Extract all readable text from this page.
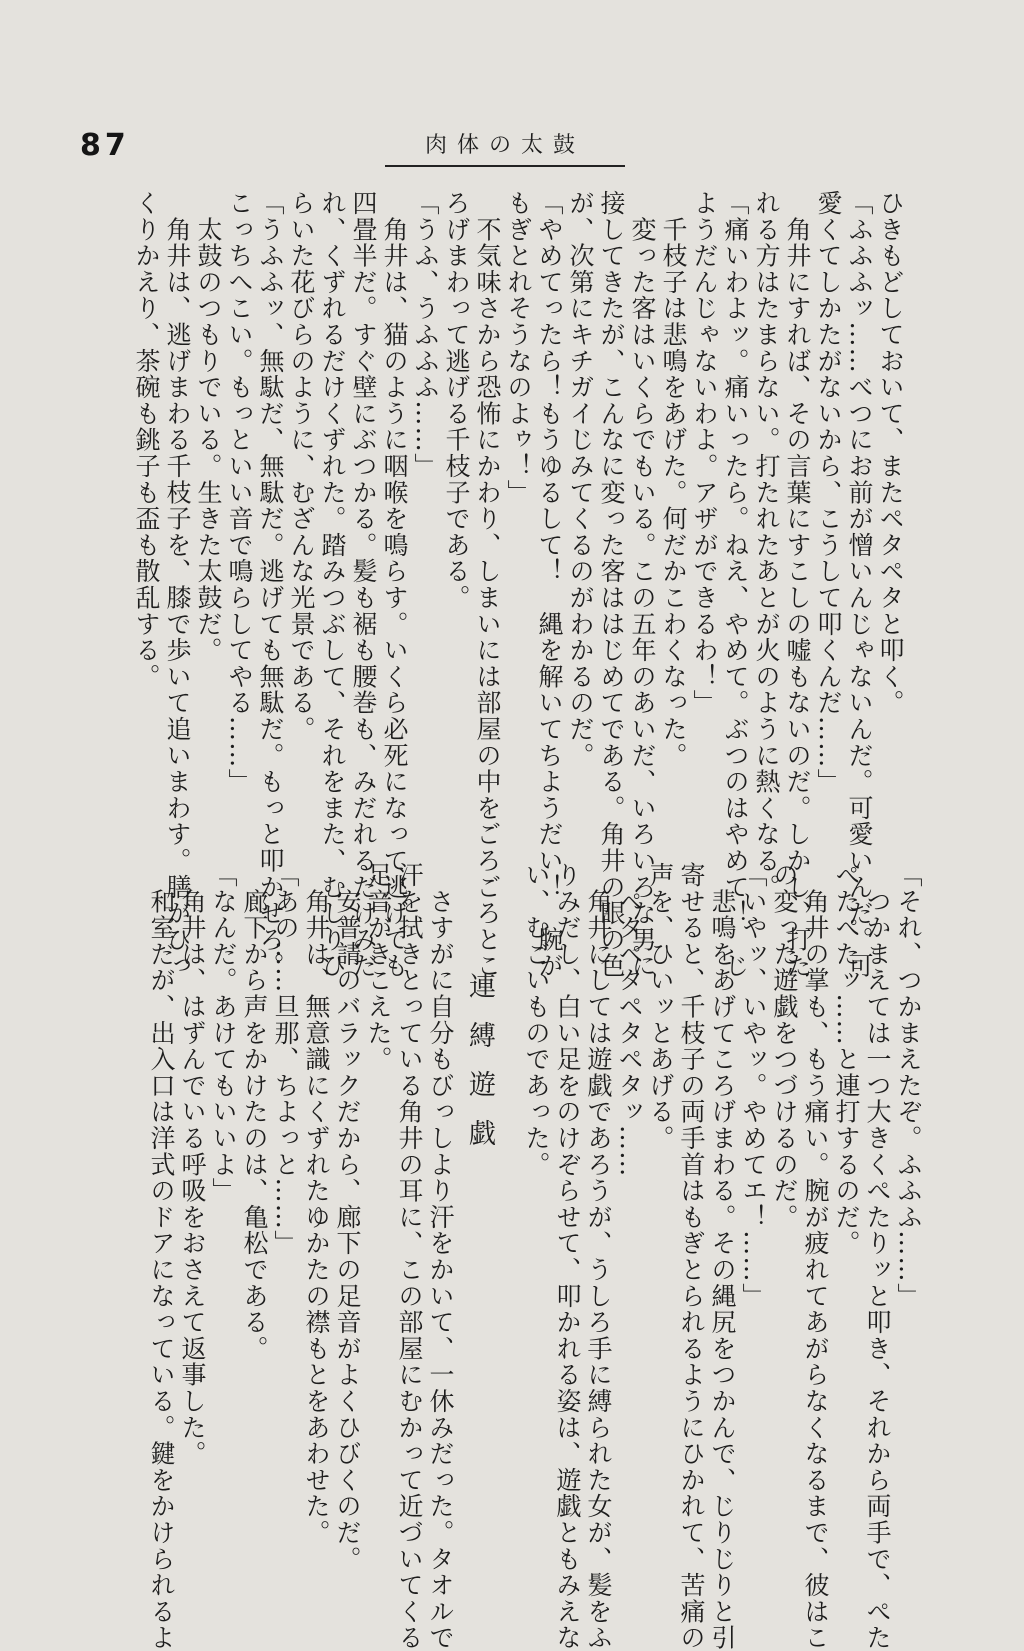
87	肉体の太鼓

ひきもどしておいて、またペタペタと叩く。

「ふふふッ……べつにお前が憎いんじゃないんだ。可愛いんだ。可

愛くてしかたがないから、こうして叩くんだ……」

　角井にすれば、その言葉にすこしの嘘もないのだ。しかし、打た

れる方はたまらない。打たれたあとが火のように熱くなる。

「痛いわよッ。痛いったら。ねえ、やめて。ぶつのはやめて！　じ

ようだんじゃないわよ。アザができるわ！」

　千枝子は悲鳴をあげた。何だかこわくなった。

　変った客はいくらでもいる。この五年のあいだ、いろいろな男に

接してきたが、こんなに変った客ははじめてである。角井の眼の色

が、次第にキチガイじみてくるのがわかるのだ。

「やめてったら！もうゆるして！　縄を解いてちようだい！　腕が

もぎとれそうなのよゥ！」

　不気味さから恐怖にかわり、しまいには部屋の中をごろごろとこ

ろげまわって逃げる千枝子である。

「うふ、うふふふ……」

　角井は、猫のように咽喉を鳴らす。いくら必死になって逃げても

四畳半だ。すぐ壁にぶつかる。髪も裾も腰巻も、みだれるだけみだ

れ、くずれるだけくずれた。踏みつぶして、それをまた、むしりひ

らいた花びらのように、むざんな光景である。

「うふふッ、無駄だ、無駄だ。逃げても無駄だ。もっと叩かせろ。

こっちへこい。もっといい音で鳴らしてやる……」

　太鼓のつもりでいる。生きた太鼓だ。

　角井は、逃げまわる千枝子を、膝で歩いて追いまわす。膳がひっ

くりかえり、茶碗も銚子も盃も散乱する。

「それ、つかまえたぞ。ふふふ……」

　つかまえては一つ大きくぺたりッと叩き、それから両手で、ぺた

ぺたぺたッ……と連打するのだ。

　角井の掌も、もう痛い。腕が疲れてあがらなくなるまで、彼はこ

の変った遊戯をつづけるのだ。

「いやッ、いやッ。やめてエ！……」

　悲鳴をあげてころげまわる。その縄尻をつかんで、じりじりと引

寄せると、千枝子の両手首はもぎとられるようにひかれて、苦痛の

声を、ひいッとあげる。

　ペタペタペタペタッ……

　角井にしては遊戯であろうが、うしろ手に縛られた女が、髪をふ

りみだし、白い足をのけぞらせて、叩かれる姿は、遊戯ともみえな

い、むごいものであった。

連縛遊戯

　さすがに自分もびっしより汗をかいて、一休みだった。タオルで

汗を拭きとっている角井の耳に、この部屋にむかって近づいてくる

足音がきこえた。

　安普請のバラックだから、廊下の足音がよくひびくのだ。

　角井は、無意識にくずれたゆかたの襟もとをあわせた。

「あの……旦那、ちよっと……」

　廊下から声をかけたのは、亀松である。

「なんだ。あけてもいいよ」

　角井は、はずんでいる呼吸をおさえて返事した。

　和室だが、出入口は洋式のドアになっている。鍵をかけられるよ
